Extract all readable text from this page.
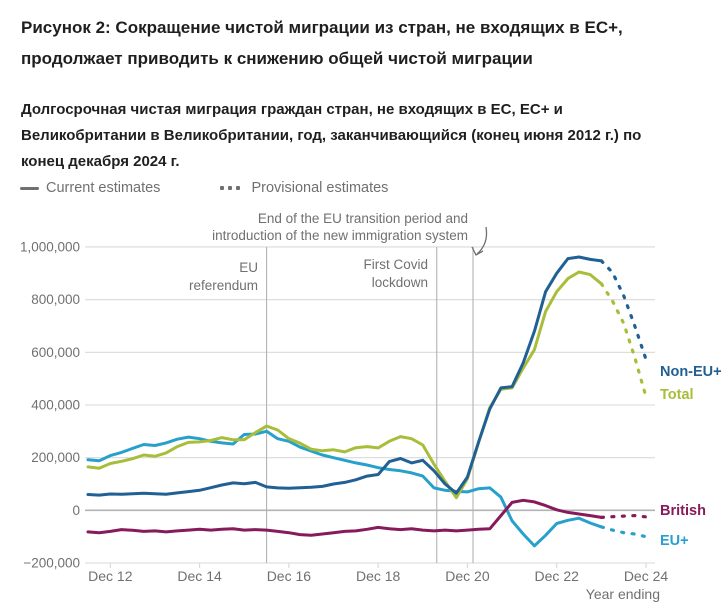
Рисунок 2: Сокращение чистой миграции из стран, не входящих в ЕС+, продолжает приводить к снижению общей чистой миграции
Долгосрочная чистая миграция граждан стран, не входящих в ЕС, ЕС+ и Великобритании в Великобритании, год, заканчивающийся (конец июня 2012 г.) по конец декабря 2024 г.
Current estimates	Provisional estimates
1,000,000
800,000
600,000
400,000
200,000
0
−200,000
Dec 12	Dec 14	Dec 16	Dec 18	Dec 20	Dec 22	Dec 24
Year ending
End of the EU transition period and
introduction of the new immigration system
EU
referendum
First Covid
lockdown
EU+
Total
Non-EU+
British
